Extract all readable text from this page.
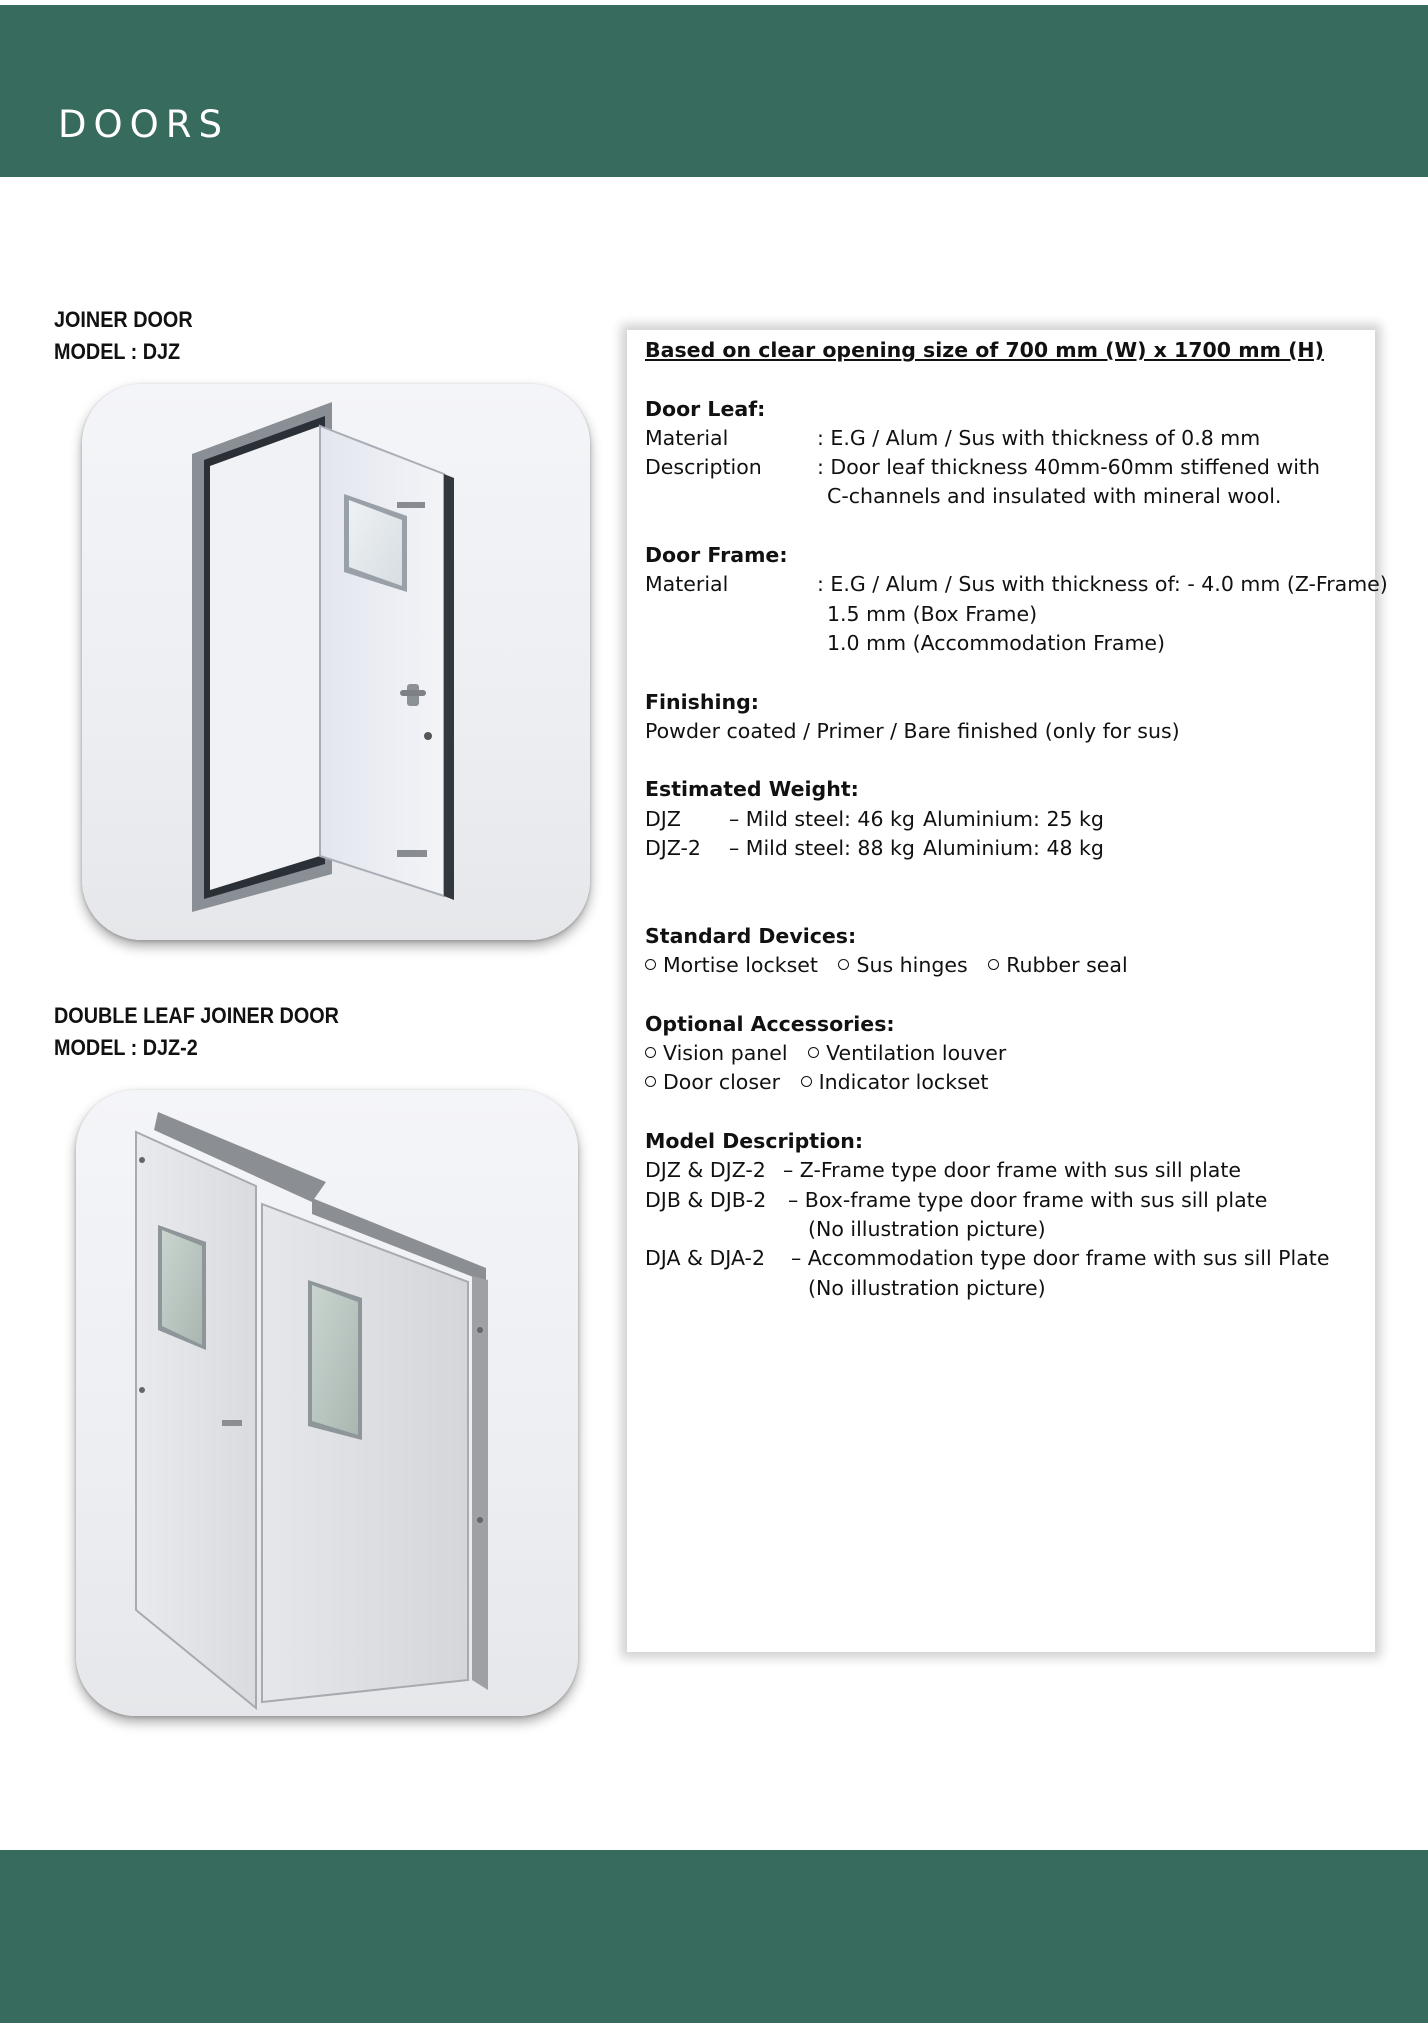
DOORS
JOINER DOOR
MODEL : DJZ
DOUBLE LEAF JOINER DOOR
MODEL : DJZ-2
Based on clear opening size of 700 mm (W) x 1700 mm (H)
Door Leaf:
Material	: E.G / Alum / Sus with thickness of 0.8 mm
Description	: Door leaf thickness 40mm-60mm stiffened with
C-channels and insulated with mineral wool.
Door Frame:
Material	: E.G / Alum / Sus with thickness of: - 4.0 mm (Z-Frame)
1.5 mm (Box Frame)
1.0 mm (Accommodation Frame)
Finishing:
Powder coated / Primer / Bare finished (only for sus)
Estimated Weight:
DJZ – Mild steel: 46 kg Aluminium: 25 kg
DJZ-2 – Mild steel: 88 kg Aluminium: 48 kg
Standard Devices:
Mortise lockset Sus hinges Rubber seal
Optional Accessories:
Vision panel Ventilation louver
Door closer Indicator lockset
Model Description:
DJZ & DJZ-2 – Z-Frame type door frame with sus sill plate
DJB & DJB-2 – Box-frame type door frame with sus sill plate
(No illustration picture)
DJA & DJA-2 – Accommodation type door frame with sus sill Plate
(No illustration picture)
